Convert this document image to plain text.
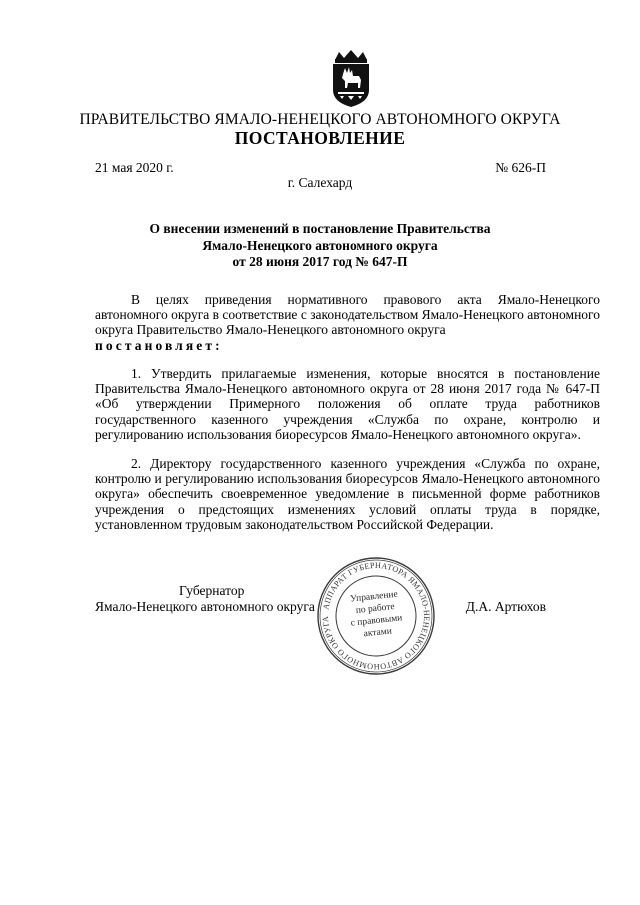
ПРАВИТЕЛЬСТВО ЯМАЛО-НЕНЕЦКОГО АВТОНОМНОГО ОКРУГА
ПОСТАНОВЛЕНИЕ
21 мая 2020 г.	№ 626-П
г. Салехард
О внесении изменений в постановление Правительства
Ямало-Ненецкого автономного округа
от 28 июня 2017 год № 647-П
В целях приведения нормативного правового акта Ямало-Ненецкого автономного округа в соответствие с законодательством Ямало-Ненецкого автономного округа Правительство Ямало-Ненецкого автономного округа
постановляет:
1. Утвердить прилагаемые изменения, которые вносятся в постановление Правительства Ямало-Ненецкого автономного округа от 28 июня 2017 года № 647-П «Об утверждении Примерного положения об оплате труда работников государственного казенного учреждения «Служба по охране, контролю и регулированию использования биоресурсов Ямало-Ненецкого автономного округа».
2. Директору государственного казенного учреждения «Служба по охране, контролю и регулированию использования биоресурсов Ямало-Ненецкого автономного округа» обеспечить своевременное уведомление в письменной форме работников учреждения о предстоящих изменениях условий оплаты труда в порядке, установленном трудовым законодательством Российской Федерации.
Губернатор
Ямало-Ненецкого автономного округа	Д.А. Артюхов
АППАРАТ ГУБЕРНАТОРА ЯМАЛО-НЕНЕЦКОГО АВТОНОМНОГО ОКРУГА
Управление
по работе
с правовыми
актами
